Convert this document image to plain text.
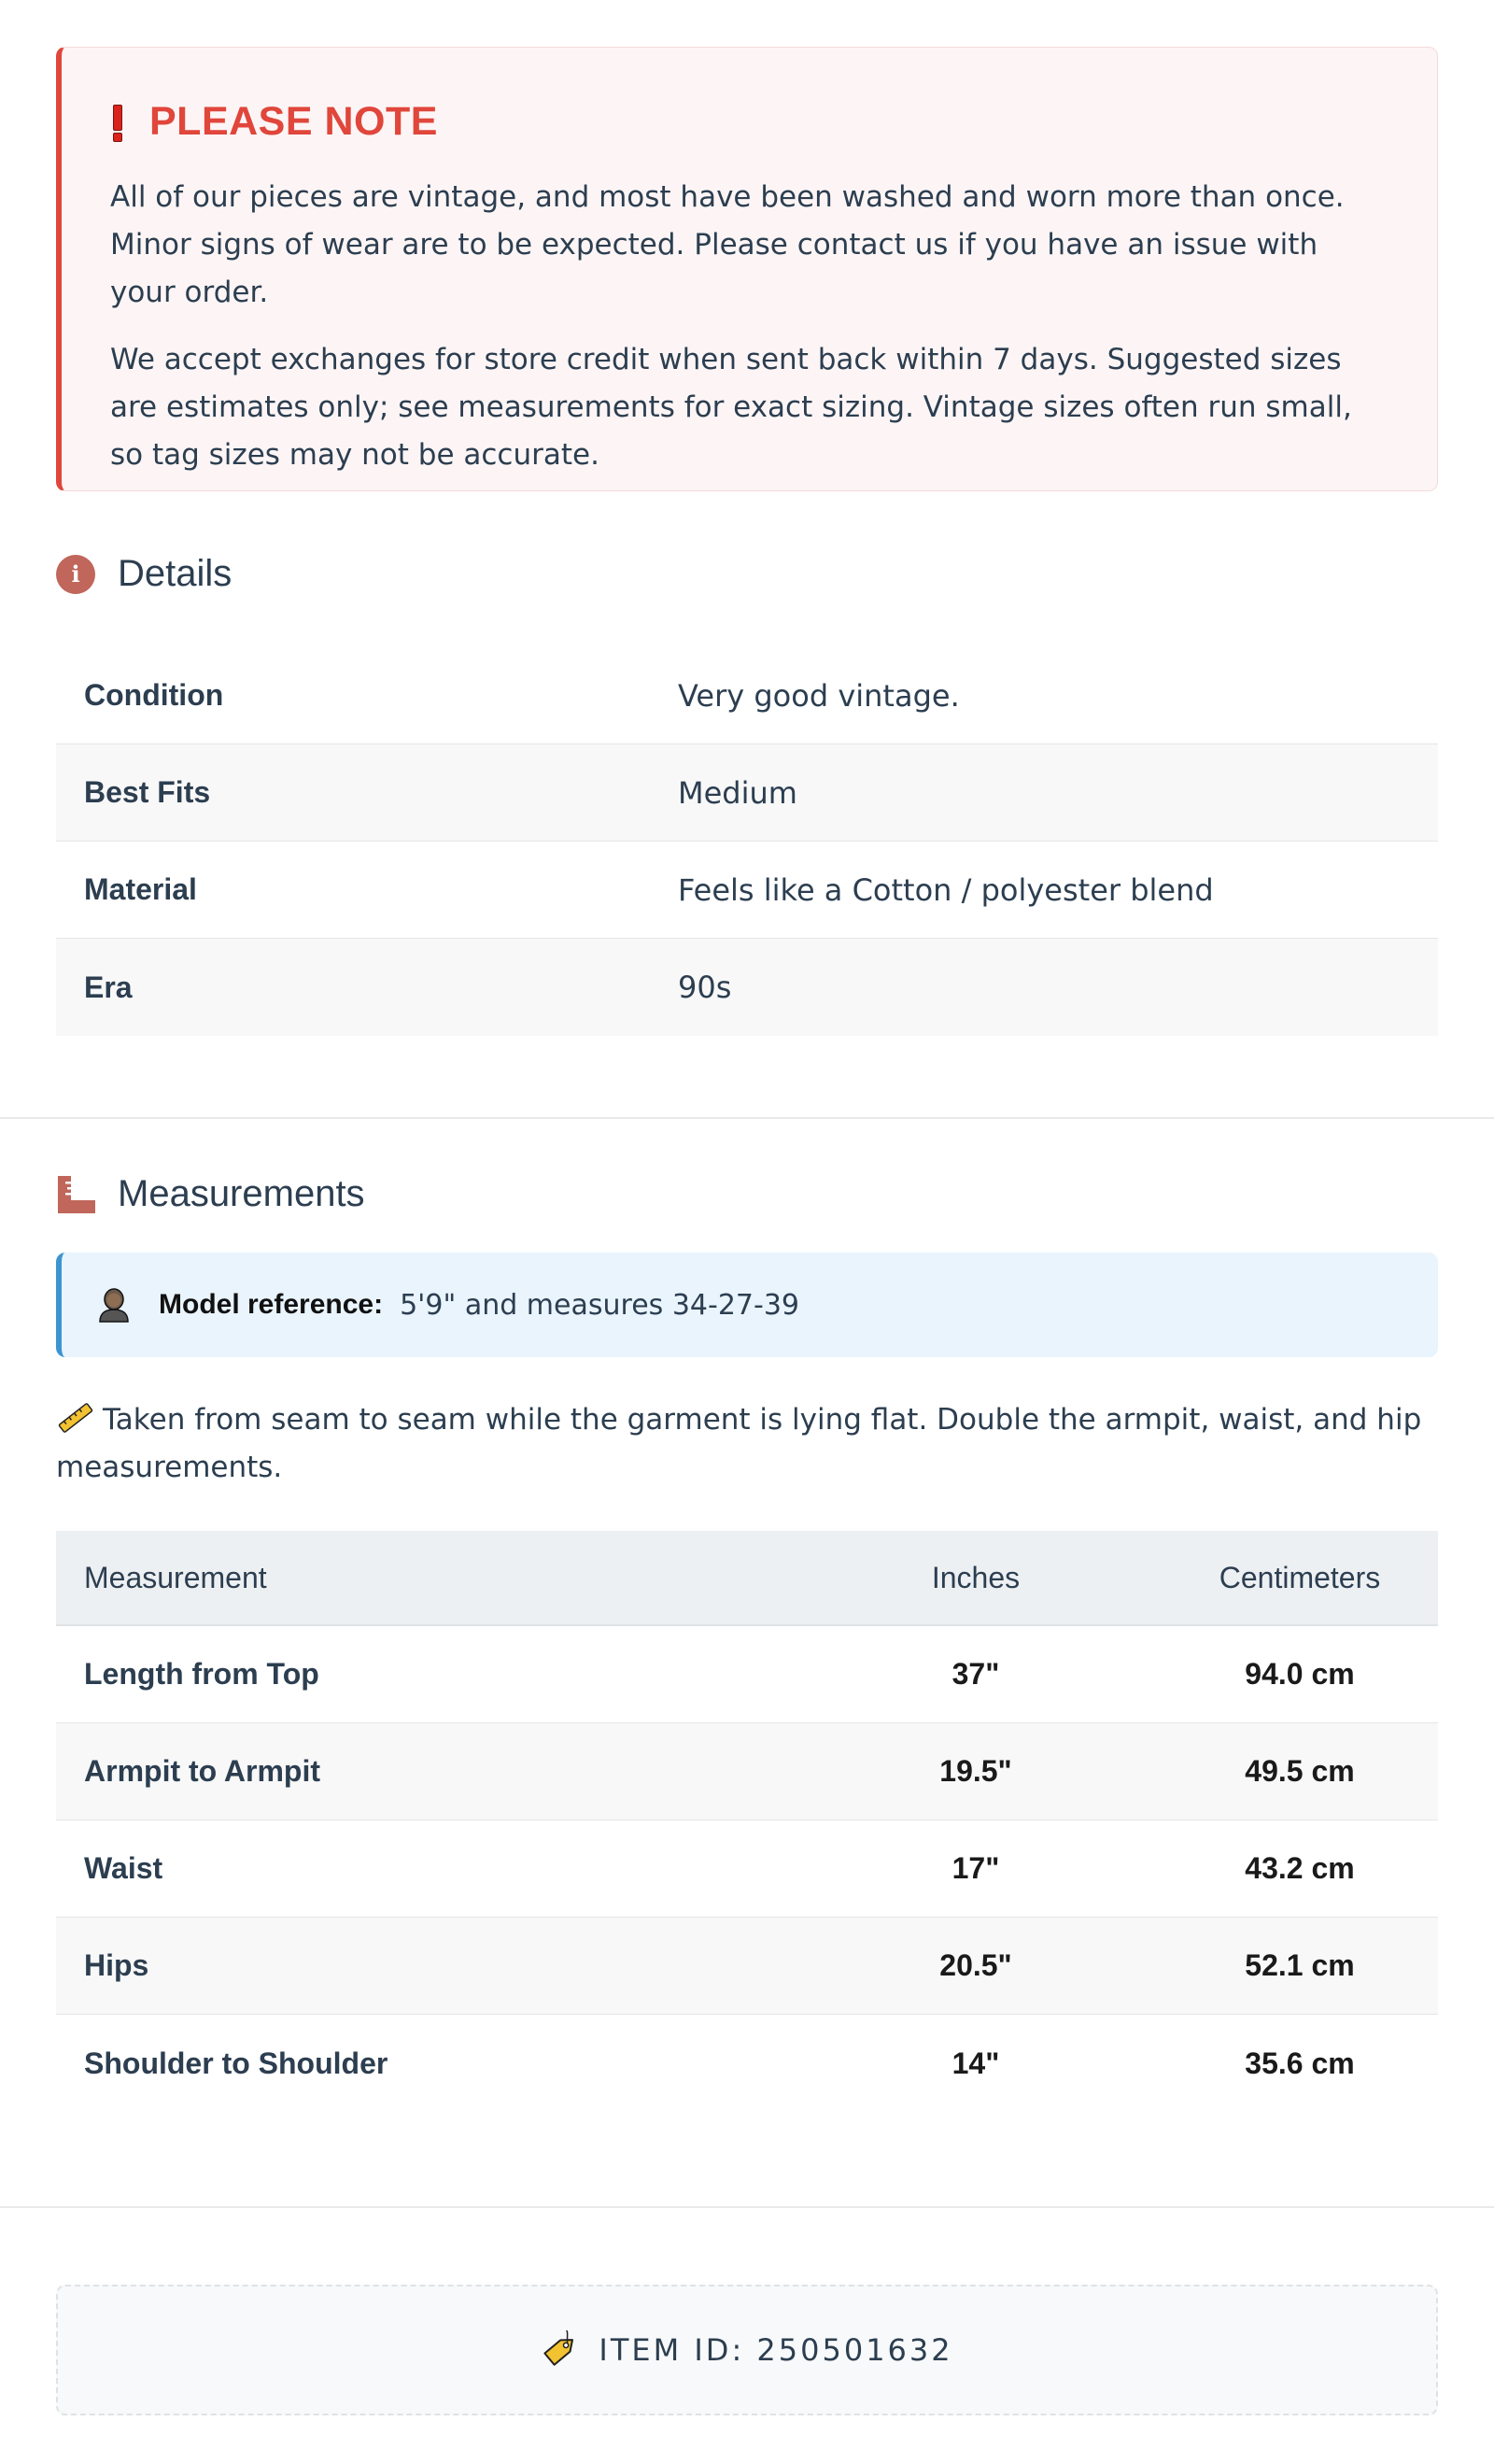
PLEASE NOTE

All of our pieces are vintage, and most have been washed and worn more than once. Minor signs of wear are to be expected. Please contact us if you have an issue with your order.

We accept exchanges for store credit when sent back within 7 days. Suggested sizes are estimates only; see measurements for exact sizing. Vintage sizes often run small, so tag sizes may not be accurate.

i	Details
Condition	Very good vintage.
Best Fits	Medium
Material	Feels like a Cotton / polyester blend
Era	90s
Measurements
Model reference: 5'9" and measures 34-27-39
Taken from seam to seam while the garment is lying flat. Double the armpit, waist, and hip measurements.
Measurement	Inches	Centimeters
Length from Top	37"	94.0 cm
Armpit to Armpit	19.5"	49.5 cm
Waist	17"	43.2 cm
Hips	20.5"	52.1 cm
Shoulder to Shoulder	14"	35.6 cm
ITEM ID: 250501632
